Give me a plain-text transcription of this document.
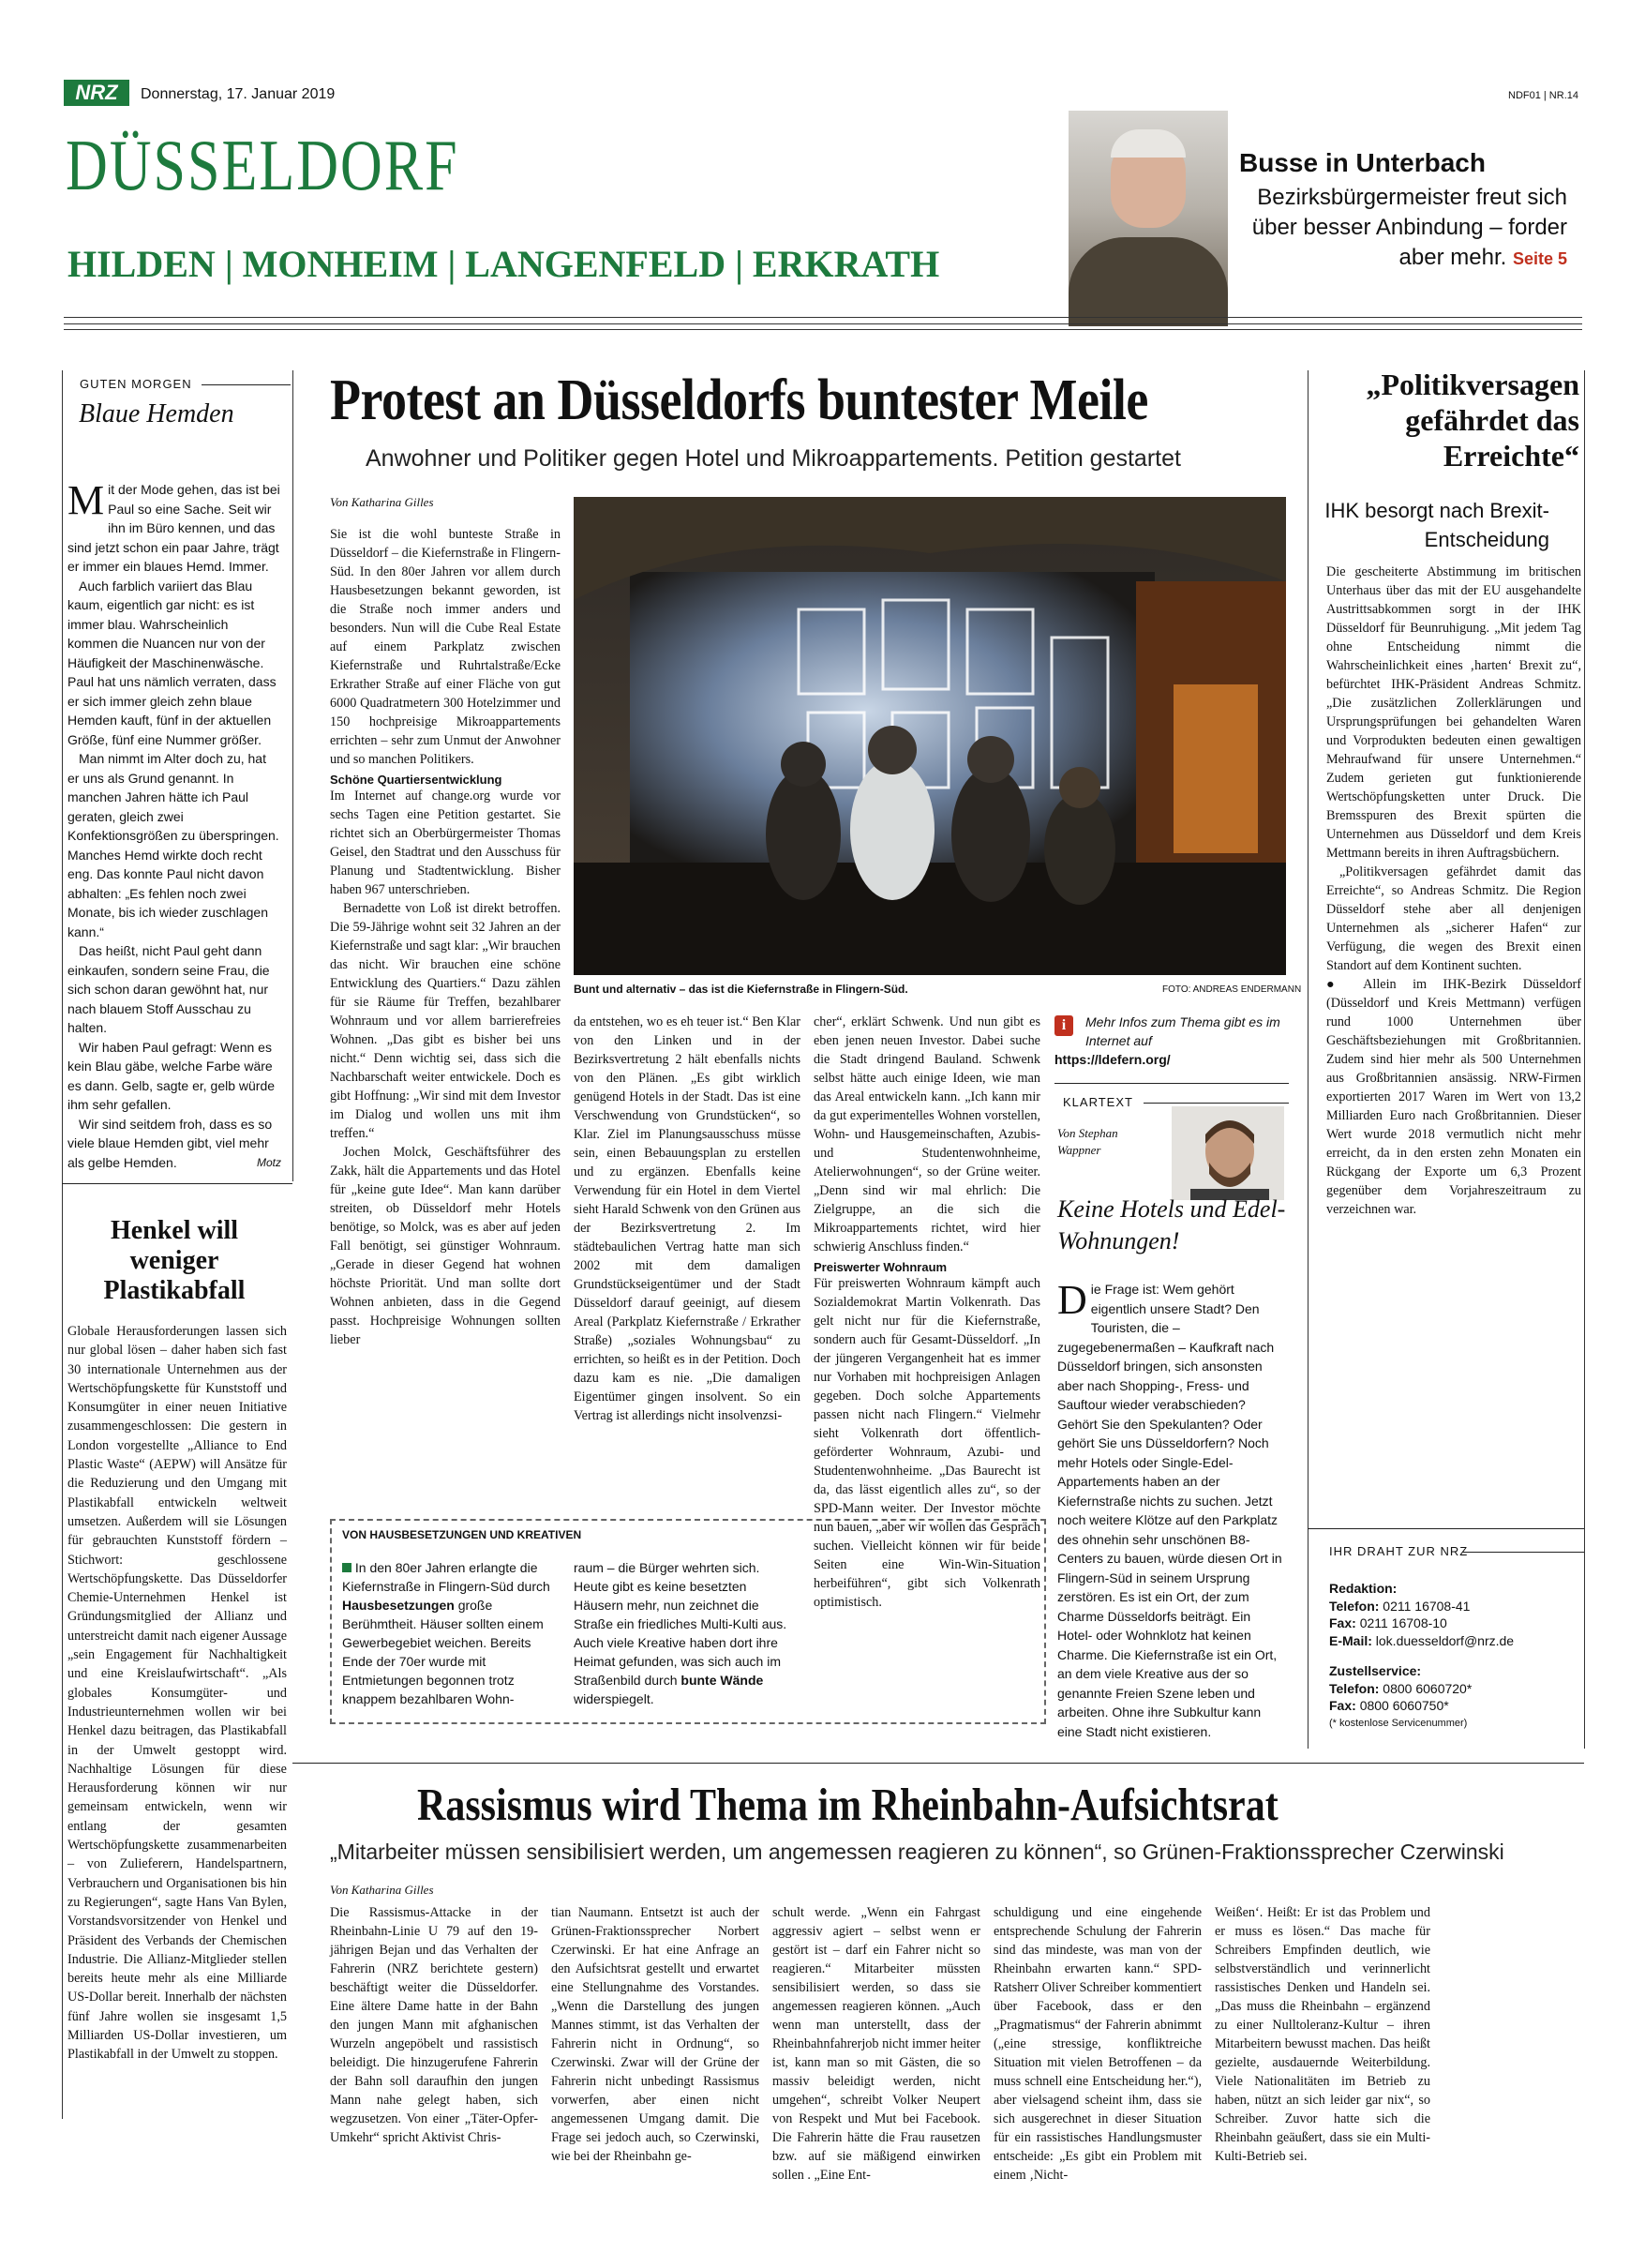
NRZ	Donnerstag, 17. Januar 2019	NDF01 | NR.14
DÜSSELDORF
HILDEN | MONHEIM | LANGENFELD | ERKRATH
Busse in Unterbach
Bezirksbürgermeister freut sich über besser Anbindung – forder aber mehr. Seite 5
GUTEN MORGEN
Blaue Hemden

Mit der Mode gehen, das ist bei Paul so eine Sache. Seit wir ihn im Büro kennen, und das sind jetzt schon ein paar Jahre, trägt er immer ein blaues Hemd. Immer.

Auch farblich variiert das Blau kaum, eigentlich gar nicht: es ist immer blau. Wahrscheinlich kommen die Nuancen nur von der Häufigkeit der Maschinenwäsche. Paul hat uns nämlich verraten, dass er sich immer gleich zehn blaue Hemden kauft, fünf in der aktuellen Größe, fünf eine Nummer größer.

Man nimmt im Alter doch zu, hat er uns als Grund genannt. In manchen Jahren hätte ich Paul geraten, gleich zwei Konfektionsgrößen zu überspringen. Manches Hemd wirkte doch recht eng. Das konnte Paul nicht davon abhalten: „Es fehlen noch zwei Monate, bis ich wieder zuschlagen kann.“

Das heißt, nicht Paul geht dann einkaufen, sondern seine Frau, die sich schon daran gewöhnt hat, nur nach blauem Stoff Ausschau zu halten.

Wir haben Paul gefragt: Wenn es kein Blau gäbe, welche Farbe wäre es dann. Gelb, sagte er, gelb würde ihm sehr gefallen.

Wir sind seitdem froh, dass es so viele blaue Hemden gibt, viel mehr als gelbe Hemden.	Motz

Henkel will weniger Plastikabfall

Globale Herausforderungen lassen sich nur global lösen – daher haben sich fast 30 internationale Unternehmen aus der Wertschöpfungskette für Kunststoff und Konsumgüter in einer neuen Initiative zusammengeschlossen: Die gestern in London vorgestellte „Alliance to End Plastic Waste“ (AEPW) will Ansätze für die Reduzierung und den Umgang mit Plastikabfall entwickeln weltweit umsetzen. Außerdem will sie Lösungen für gebrauchten Kunststoff fördern – Stichwort: geschlossene Wertschöpfungskette. Das Düsseldorfer Chemie-Unternehmen Henkel ist Gründungsmitglied der Allianz und unterstreicht damit nach eigener Aussage „sein Engagement für Nachhaltigkeit und eine Kreislaufwirtschaft“. „Als globales Konsumgüter- und Industrieunternehmen wollen wir bei Henkel dazu beitragen, das Plastikabfall in der Umwelt gestoppt wird. Nachhaltige Lösungen für diese Herausforderung können wir nur gemeinsam entwickeln, wenn wir entlang der gesamten Wertschöpfungskette zusammenarbeiten – von Zulieferern, Handelspartnern, Verbrauchern und Organisationen bis hin zu Regierungen“, sagte Hans Van Bylen, Vorstandsvorsitzender von Henkel und Präsident des Verbands der Chemischen Industrie. Die Allianz-Mitglieder stellen bereits heute mehr als eine Milliarde US-Dollar bereit. Innerhalb der nächsten fünf Jahre wollen sie insgesamt 1,5 Milliarden US-Dollar investieren, um Plastikabfall in der Umwelt zu stoppen.

Protest an Düsseldorfs buntester Meile
Anwohner und Politiker gegen Hotel und Mikroappartements. Petition gestartet
Von Katharina Gilles

Sie ist die wohl bunteste Straße in Düsseldorf – die Kiefernstraße in Flingern-Süd. In den 80er Jahren vor allem durch Hausbesetzungen bekannt geworden, ist die Straße noch immer anders und besonders. Nun will die Cube Real Estate auf einem Parkplatz zwischen Kiefernstraße und Ruhrtalstraße/Ecke Erkrather Straße auf einer Fläche von gut 6000 Quadratmetern 300 Hotelzimmer und 150 hochpreisige Mikroappartements errichten – sehr zum Unmut der Anwohner und so manchen Politikers.

Schöne Quartiersentwicklung

Im Internet auf change.org wurde vor sechs Tagen eine Petition gestartet. Sie richtet sich an Oberbürgermeister Thomas Geisel, den Stadtrat und den Ausschuss für Planung und Stadtentwicklung. Bisher haben 967 unterschrieben.

Bernadette von Loß ist direkt betroffen. Die 59-Jährige wohnt seit 32 Jahren an der Kiefernstraße und sagt klar: „Wir brauchen das nicht. Wir brauchen eine schöne Entwicklung des Quartiers.“ Dazu zählen für sie Räume für Treffen, bezahlbarer Wohnraum und vor allem barrierefreies Wohnen. „Das gibt es bisher bei uns nicht.“ Denn wichtig sei, dass sich die Nachbarschaft weiter entwickele. Doch es gibt Hoffnung: „Wir sind mit dem Investor im Dialog und wollen uns mit ihm treffen.“

Jochen Molck, Geschäftsführer des Zakk, hält die Appartements und das Hotel für „keine gute Idee“. Man kann darüber streiten, ob Düsseldorf mehr Hotels benötige, so Molck, was es aber auf jeden Fall benötigt, sei günstiger Wohnraum. „Gerade in dieser Gegend hat wohnen höchste Priorität. Und man sollte dort Wohnen anbieten, dass in die Gegend passt. Hochpreisige Wohnungen sollten lieber

Bunt und alternativ – das ist die Kiefernstraße in Flingern-Süd.	FOTO: ANDREAS ENDERMANN

da entstehen, wo es eh teuer ist.“ Ben Klar von den Linken und in der Bezirksvertretung 2 hält ebenfalls nichts von den Plänen. „Es gibt wirklich genügend Hotels in der Stadt. Das ist eine Verschwendung von Grundstücken“, so Klar. Ziel im Planungsausschuss müsse sein, einen Bebauungsplan zu erstellen und zu ergänzen. Ebenfalls keine Verwendung für ein Hotel in dem Viertel sieht Harald Schwenk von den Grünen aus der Bezirksvertretung 2. Im städtebaulichen Vertrag hatte man sich 2002 mit dem damaligen Grundstückseigentümer und der Stadt Düsseldorf darauf geeinigt, auf diesem Areal (Parkplatz Kiefernstraße / Erkrather Straße) „soziales Wohnungsbau“ zu errichten, so heißt es in der Petition. Doch dazu kam es nie. „Die damaligen Eigentümer gingen insolvent. So ein Vertrag ist allerdings nicht insolvenzsi-

cher“, erklärt Schwenk. Und nun gibt es eben jenen neuen Investor. Dabei suche die Stadt dringend Bauland. Schwenk selbst hätte auch einige Ideen, wie man das Areal entwickeln kann. „Ich kann mir da gut experimentelles Wohnen vorstellen, Wohn- und Hausgemeinschaften, Azubis- und Studentenwohnheime, Atelierwohnungen“, so der Grüne weiter. „Denn sind wir mal ehrlich: Die Zielgruppe, an die sich die Mikroappartements richtet, wird hier schwierig Anschluss finden.“

Preiswerter Wohnraum

Für preiswerten Wohnraum kämpft auch Sozialdemokrat Martin Volkenrath. Das gelt nicht nur für die Kiefernstraße, sondern auch für Gesamt-Düsseldorf. „In der jüngeren Vergangenheit hat es immer nur Vorhaben mit hochpreisigen Anlagen gegeben. Doch solche Appartements passen nicht nach Flingern.“ Vielmehr sieht Volkenrath dort öffentlich-geförderter Wohnraum, Azubi- und Studentenwohnheime. „Das Baurecht ist da, das lässt eigentlich alles zu“, so der SPD-Mann weiter. Der Investor möchte nun bauen, „aber wir wollen das Gespräch suchen. Vielleicht können wir für beide Seiten eine Win-Win-Situation herbeiführen“, gibt sich Volkenrath optimistisch.

i	Mehr Infos zum Thema gibt es im Internet auf
https://ldefern.org/
KLARTEXT
Von Stephan Wappner
Keine Hotels und Edel-Wohnungen!
Die Frage ist: Wem gehört eigentlich unsere Stadt? Den Touristen, die – zugegebenermaßen – Kaufkraft nach Düsseldorf bringen, sich ansonsten aber nach Shopping-, Fress- und Sauftour wieder verabschieden? Gehört Sie den Spekulanten? Oder gehört Sie uns Düsseldorfern? Noch mehr Hotels oder Single-Edel-Appartements haben an der Kiefernstraße nichts zu suchen. Jetzt noch weitere Klötze auf den Parkplatz des ohnehin sehr unschönen B8-Centers zu bauen, würde diesen Ort in Flingern-Süd in seinem Ursprung zerstören. Es ist ein Ort, der zum Charme Düsseldorfs beiträgt. Ein Hotel- oder Wohnklotz hat keinen Charme. Die Kiefernstraße ist ein Ort, an dem viele Kreative aus der so genannte Freien Szene leben und arbeiten. Ohne ihre Subkultur kann eine Stadt nicht existieren.
VON HAUSBESETZUNGEN UND KREATIVEN
In den 80er Jahren erlangte die Kiefernstraße in Flingern-Süd durch Hausbesetzungen große Berühmtheit. Häuser sollten einem Gewerbegebiet weichen. Bereits Ende der 70er wurde mit Entmietungen begonnen trotz knappem bezahlbaren Wohn-
raum – die Bürger wehrten sich. Heute gibt es keine besetzten Häusern mehr, nun zeichnet die Straße ein friedliches Multi-Kulti aus. Auch viele Kreative haben dort ihre Heimat gefunden, was sich auch im Straßenbild durch bunte Wände widerspiegelt.
„Politikversagen gefährdet das Erreichte“
IHK besorgt nach Brexit-Entscheidung

Die gescheiterte Abstimmung im britischen Unterhaus über das mit der EU ausgehandelte Austrittsabkommen sorgt in der IHK Düsseldorf für Beunruhigung. „Mit jedem Tag ohne Entscheidung nimmt die Wahrscheinlichkeit eines ‚harten‘ Brexit zu“, befürchtet IHK-Präsident Andreas Schmitz. „Die zusätzlichen Zollerklärungen und Ursprungsprüfungen bei gehandelten Waren und Vorprodukten bedeuten einen gewaltigen Mehraufwand für unsere Unternehmen.“ Zudem gerieten gut funktionierende Wertschöpfungsketten unter Druck. Die Bremsspuren des Brexit spürten die Unternehmen aus Düsseldorf und dem Kreis Mettmann bereits in ihren Auftragsbüchern.

„Politikversagen gefährdet damit das Erreichte“, so Andreas Schmitz. Die Region Düsseldorf stehe aber all denjenigen Unternehmen als „sicherer Hafen“ zur Verfügung, die wegen des Brexit einen Standort auf dem Kontinent suchten.

● Allein im IHK-Bezirk Düsseldorf (Düsseldorf und Kreis Mettmann) verfügen rund 1000 Unternehmen über Geschäftsbeziehungen mit Großbritannien. Zudem sind hier mehr als 500 Unternehmen aus Großbritannien ansässig. NRW-Firmen exportierten 2017 Waren im Wert von 13,2 Milliarden Euro nach Großbritannien. Dieser Wert wurde 2018 vermutlich nicht mehr erreicht, da in den ersten zehn Monaten ein Rückgang der Exporte um 6,3 Prozent gegenüber dem Vorjahreszeitraum zu verzeichnen war.

IHR DRAHT ZUR NRZ
Redaktion:
Telefon: 0211 16708-41
Fax: 0211 16708-10
E-Mail: lok.duesseldorf@nrz.de
Zustellservice:
Telefon: 0800 6060720*
Fax: 0800 6060750*
(* kostenlose Servicenummer)
Rassismus wird Thema im Rheinbahn-Aufsichtsrat
„Mitarbeiter müssen sensibilisiert werden, um angemessen reagieren zu können“, so Grünen-Fraktionssprecher Czerwinski
Von Katharina Gilles

Die Rassismus-Attacke in der Rheinbahn-Linie U 79 auf den 19-jährigen Bejan und das Verhalten der Fahrerin (NRZ berichtete gestern) beschäftigt weiter die Düsseldorfer. Eine ältere Dame hatte in der Bahn den jungen Mann mit afghanischen Wurzeln angepöbelt und rassistisch beleidigt. Die hinzugerufene Fahrerin der Bahn soll daraufhin den jungen Mann nahe gelegt haben, sich wegzusetzen. Von einer „Täter-Opfer-Umkehr“ spricht Aktivist Chris-

tian Naumann. Entsetzt ist auch der Grünen-Fraktionssprecher Norbert Czerwinski. Er hat eine Anfrage an den Aufsichtsrat gestellt und erwartet eine Stellungnahme des Vorstandes. „Wenn die Darstellung des jungen Mannes stimmt, ist das Verhalten der Fahrerin nicht in Ordnung“, so Czerwinski. Zwar will der Grüne der Fahrerin nicht unbedingt Rassismus vorwerfen, aber einen nicht angemessenen Umgang damit. Die Frage sei jedoch auch, so Czerwinski, wie bei der Rheinbahn ge-

schult werde. „Wenn ein Fahrgast aggressiv agiert – selbst wenn er gestört ist – darf ein Fahrer nicht so reagieren.“ Mitarbeiter müssten sensibilisiert werden, so dass sie angemessen reagieren können. „Auch wenn man unterstellt, dass der Rheinbahnfahrerjob nicht immer heiter ist, kann man so mit Gästen, die so massiv beleidigt werden, nicht umgehen“, schreibt Volker Neupert von Respekt und Mut bei Facebook. Die Fahrerin hätte die Frau rausetzen bzw. auf sie mäßigend einwirken sollen . „Eine Ent-

schuldigung und eine eingehende entsprechende Schulung der Fahrerin sind das mindeste, was man von der Rheinbahn erwarten kann.“ SPD-Ratsherr Oliver Schreiber kommentiert über Facebook, dass er den „Pragmatismus“ der Fahrerin abnimmt („eine stressige, konfliktreiche Situation mit vielen Betroffenen – da muss schnell eine Entscheidung her.“), aber vielsagend scheint ihm, dass sie sich ausgerechnet in dieser Situation für ein rassistisches Handlungsmuster entscheide: „Es gibt ein Problem mit einem ‚Nicht-

Weißen‘. Heißt: Er ist das Problem und er muss es lösen.“ Das mache für Schreibers Empfinden deutlich, wie selbstverständlich und verinnerlicht rassistisches Denken und Handeln sei. „Das muss die Rheinbahn – ergänzend zu einer Nulltoleranz-Kultur – ihren Mitarbeitern bewusst machen. Das heißt gezielte, ausdauernde Weiterbildung. Viele Nationalitäten im Betrieb zu haben, nützt an sich leider gar nix“, so Schreiber. Zuvor hatte sich die Rheinbahn geäußert, dass sie ein Multi-Kulti-Betrieb sei.
